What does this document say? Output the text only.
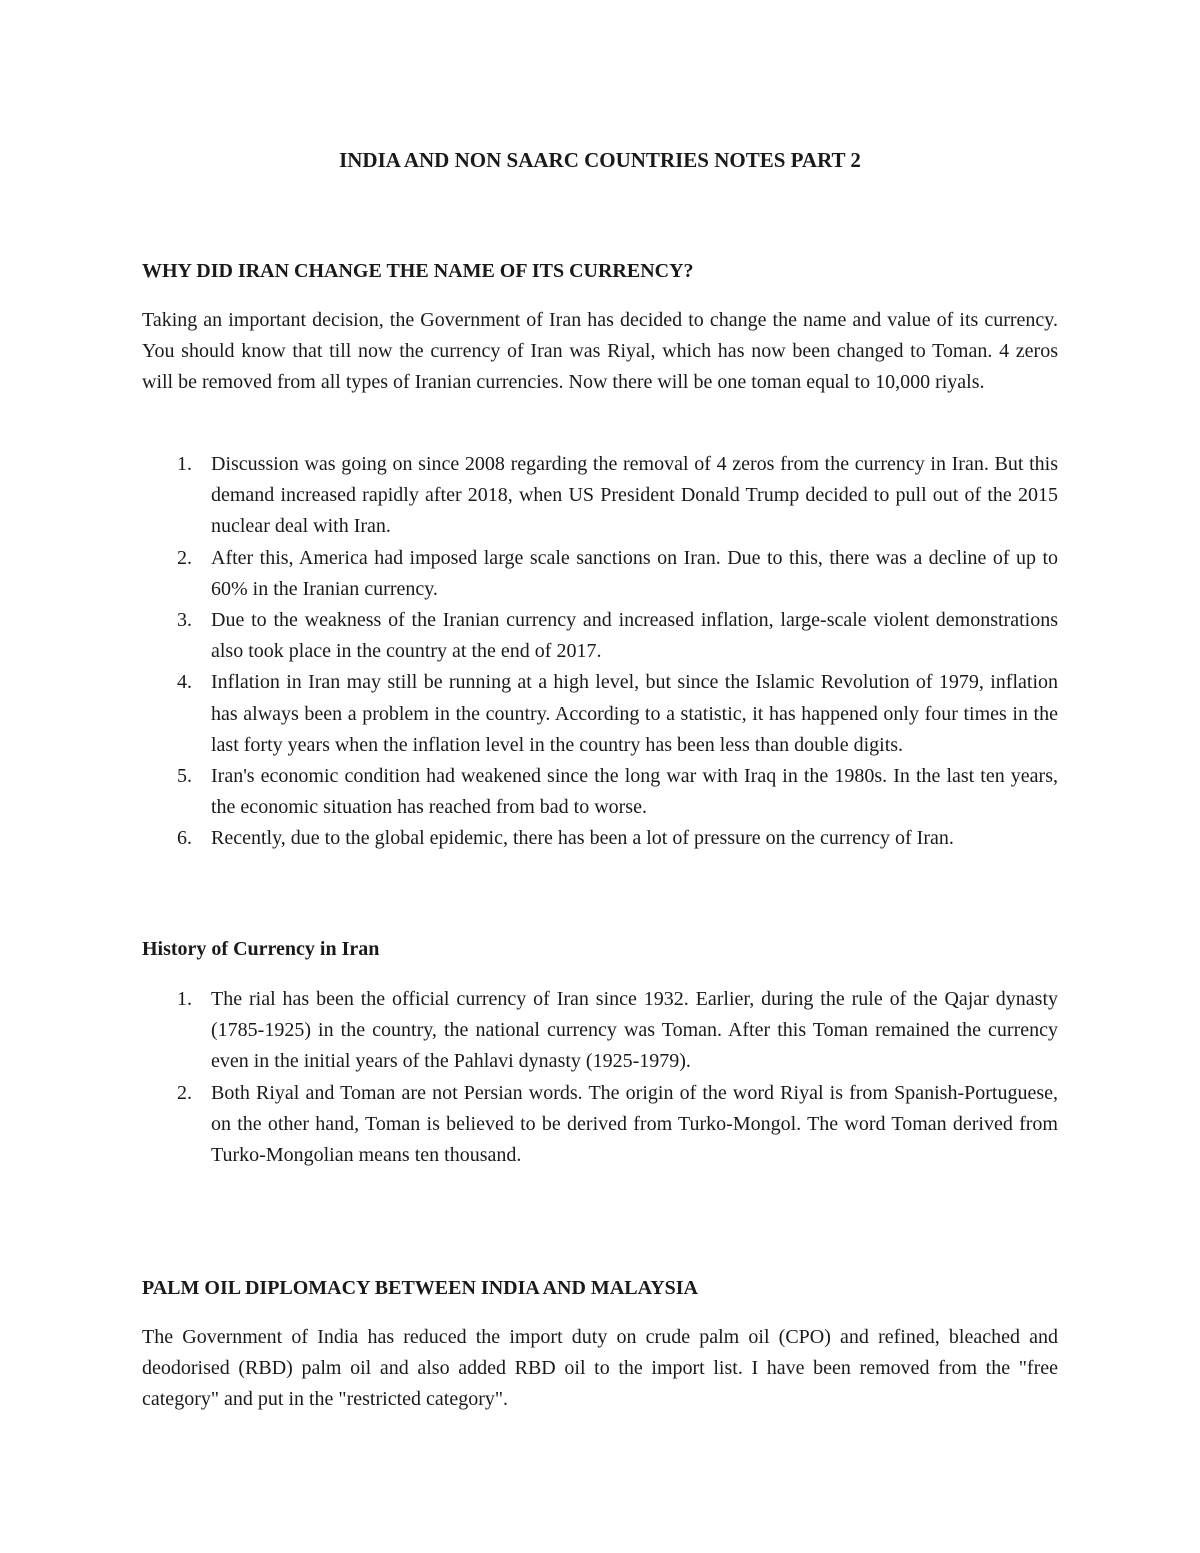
INDIA AND NON SAARC COUNTRIES NOTES PART 2
WHY DID IRAN CHANGE THE NAME OF ITS CURRENCY?

Taking an important decision, the Government of Iran has decided to change the name and value of its currency. You should know that till now the currency of Iran was Riyal, which has now been changed to Toman. 4 zeros will be removed from all types of Iranian currencies. Now there will be one toman equal to 10,000 riyals.

1. Discussion was going on since 2008 regarding the removal of 4 zeros from the currency in Iran. But this demand increased rapidly after 2018, when US President Donald Trump decided to pull out of the 2015 nuclear deal with Iran.
2. After this, America had imposed large scale sanctions on Iran. Due to this, there was a decline of up to 60% in the Iranian currency.
3. Due to the weakness of the Iranian currency and increased inflation, large-scale violent demonstrations also took place in the country at the end of 2017.
4. Inflation in Iran may still be running at a high level, but since the Islamic Revolution of 1979, inflation has always been a problem in the country. According to a statistic, it has happened only four times in the last forty years when the inflation level in the country has been less than double digits.
5. Iran's economic condition had weakened since the long war with Iraq in the 1980s. In the last ten years, the economic situation has reached from bad to worse.
6. Recently, due to the global epidemic, there has been a lot of pressure on the currency of Iran.
History of Currency in Iran
1. The rial has been the official currency of Iran since 1932. Earlier, during the rule of the Qajar dynasty (1785-1925) in the country, the national currency was Toman. After this Toman remained the currency even in the initial years of the Pahlavi dynasty (1925-1979).
2. Both Riyal and Toman are not Persian words. The origin of the word Riyal is from Spanish-Portuguese, on the other hand, Toman is believed to be derived from Turko-Mongol. The word Toman derived from Turko-Mongolian means ten thousand.
PALM OIL DIPLOMACY BETWEEN INDIA AND MALAYSIA

The Government of India has reduced the import duty on crude palm oil (CPO) and refined, bleached and deodorised (RBD) palm oil and also added RBD oil to the import list. I have been removed from the "free category" and put in the "restricted category".
